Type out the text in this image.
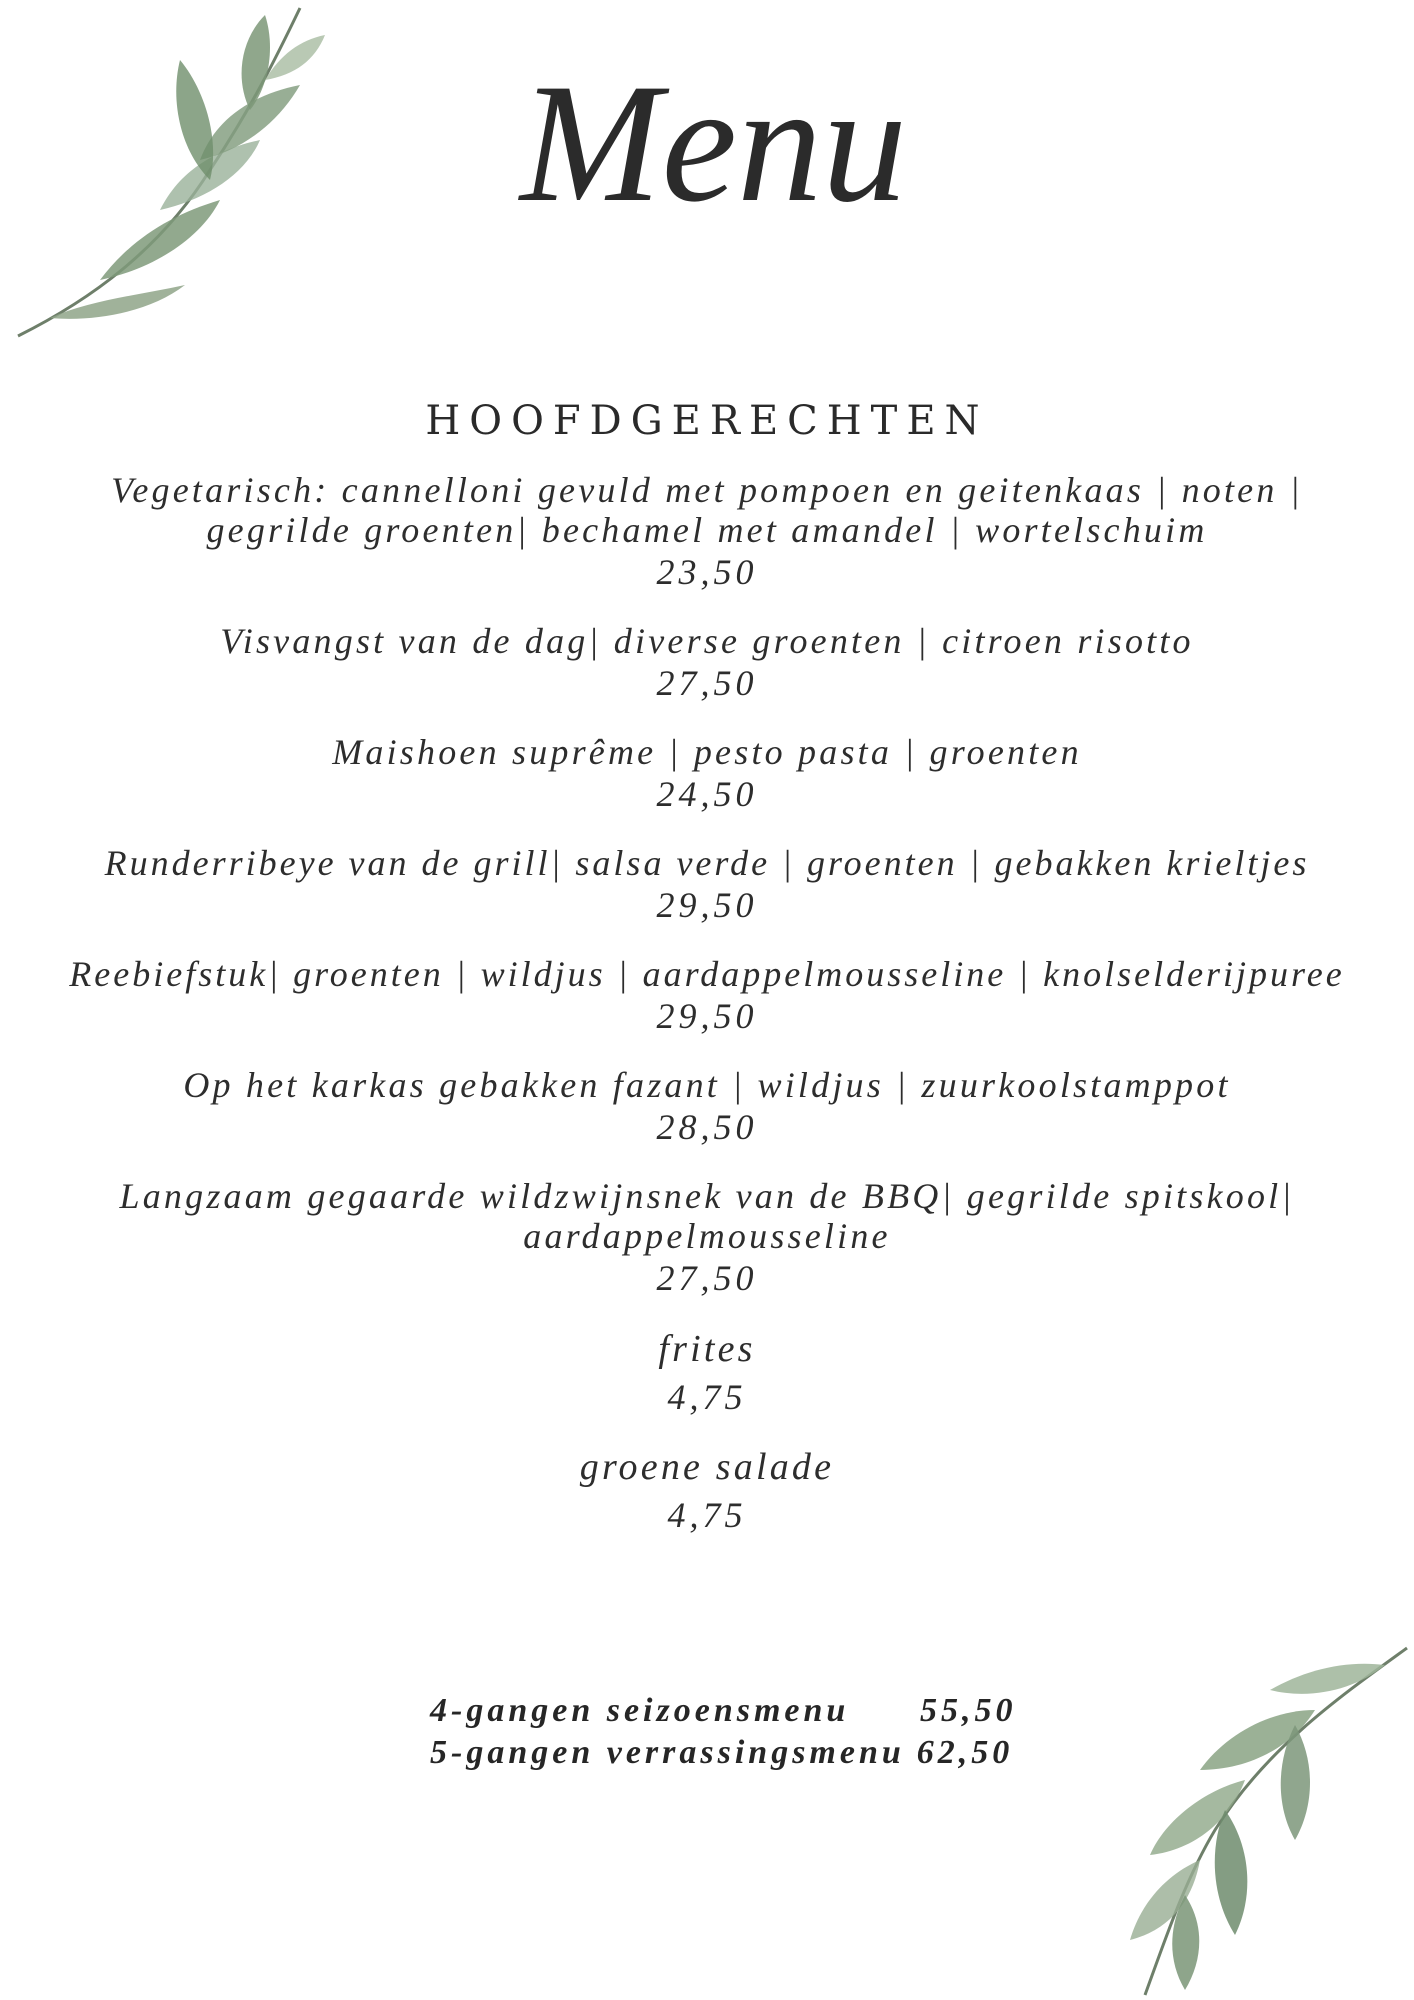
Menu
HOOFDGERECHTEN
Vegetarisch: cannelloni gevuld met pompoen en geitenkaas | noten |
gegrilde groenten| bechamel met amandel | wortelschuim
23,50
Visvangst van de dag| diverse groenten | citroen risotto
27,50
Maishoen suprême | pesto pasta | groenten
24,50
Runderribeye van de grill| salsa verde | groenten | gebakken krieltjes
29,50
Reebiefstuk| groenten | wildjus | aardappelmousseline | knolselderijpuree
29,50
Op het karkas gebakken fazant | wildjus | zuurkoolstamppot
28,50
Langzaam gegaarde wildzwijnsnek van de BBQ| gegrilde spitskool|
aardappelmousseline
27,50
frites
4,75
groene salade
4,75
4-gangen seizoensmenu	55,50
5-gangen verrassingsmenu 62,50
